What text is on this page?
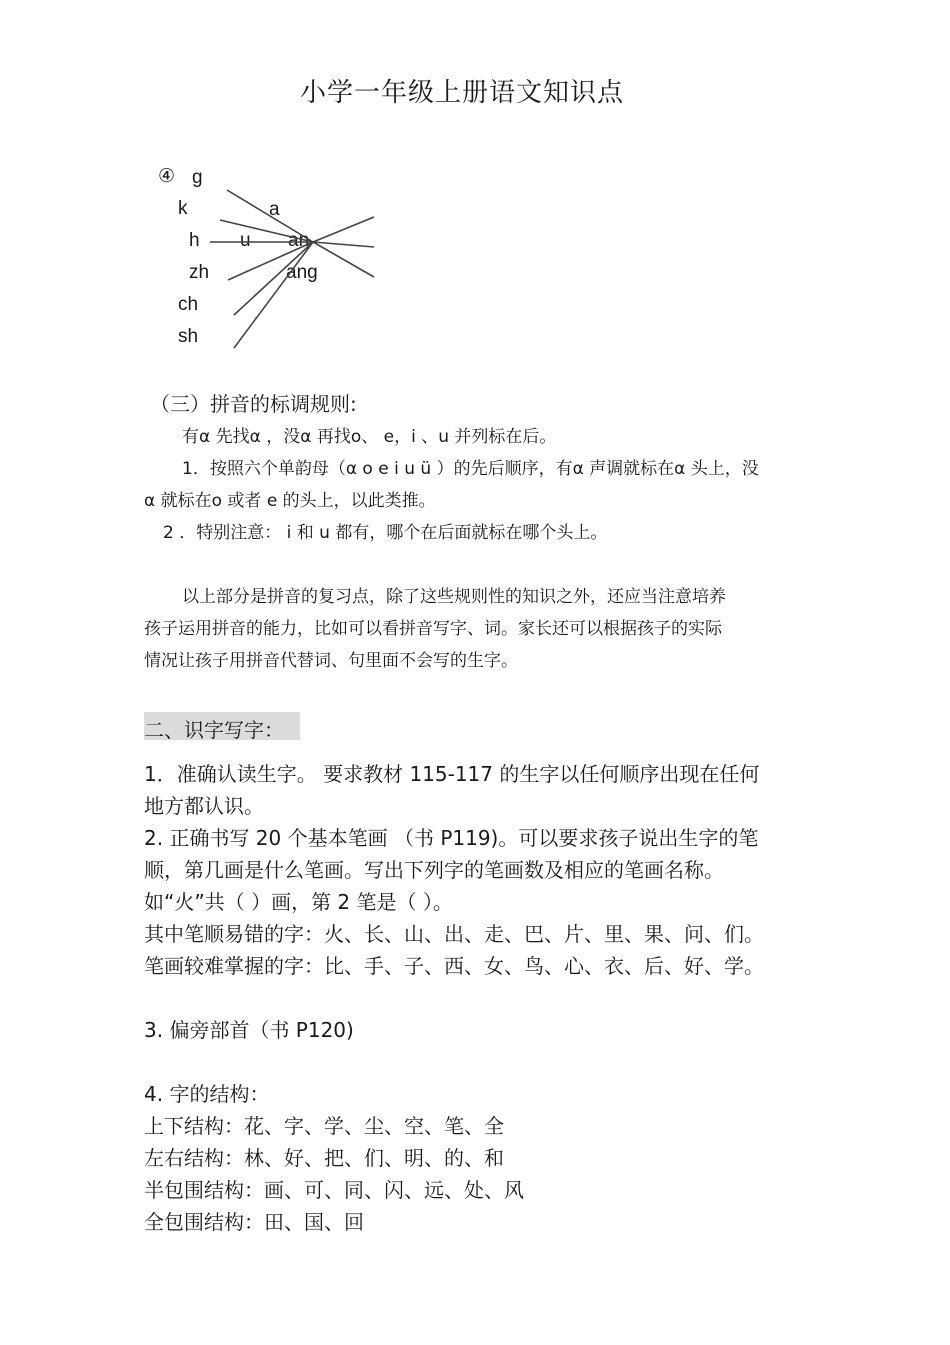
小学一年级上册语文知识点
④ g
k
h
zh
ch
sh
u
a
an
ang
（三）拼音的标调规则:
有α 先找α ，没α 再找o、 e，i 、u 并列标在后。
1．按照六个单韵母（α o e i u ü ）的先后顺序，有α 声调就标在α 头上，没
α 就标在o 或者 e 的头上，以此类推。
2 ．特别注意： i 和 u 都有，哪个在后面就标在哪个头上。
以上部分是拼音的复习点，除了这些规则性的知识之外，还应当注意培养
孩子运用拼音的能力，比如可以看拼音写字、词。家长还可以根据孩子的实际
情况让孩子用拼音代替词、句里面不会写的生字。
二、识字写字：
1．准确认读生字。 要求教材 115-117 的生字以任何顺序出现在任何
地方都认识。
2. 正确书写 20 个基本笔画 （书 P119)。可以要求孩子说出生字的笔
顺，第几画是什么笔画。写出下列字的笔画数及相应的笔画名称。
如“火”共（ ）画，第 2 笔是（ ）。
其中笔顺易错的字：火、长、山、出、走、巴、片、里、果、问、们。
笔画较难掌握的字：比、手、子、西、女、鸟、心、衣、后、好、学。
3. 偏旁部首（书 P120)
4. 字的结构：
上下结构：花、字、学、尘、空、笔、全
左右结构：林、好、把、们、明、的、和
半包围结构：画、可、同、闪、远、处、风
全包围结构：田、国、回
